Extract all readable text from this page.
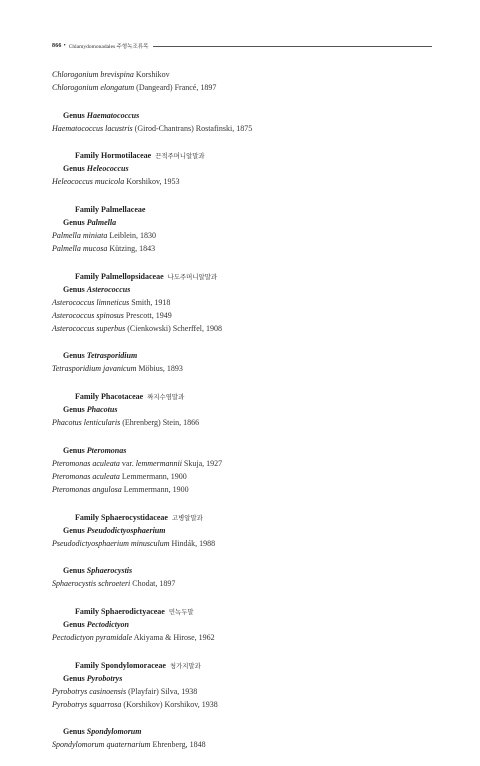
866 • Chlamydomonadales 주형녹조류목
Chlorogonium brevispina Korshikov
Chlorogonium elongatum (Dangeard) Francé, 1897
Genus Haematococcus
Haematococcus lacustris (Girod-Chantrans) Rostafinski, 1875
Family Hormotilaceae 끈적주머니알말과
Genus Heleococcus
Heleococcus mucicola Korshikov, 1953
Family Palmellaceae
Genus Palmella
Palmella miniata Leiblein, 1830
Palmella mucosa Kützing, 1843
Family Palmellopsidaceae 나도주머니알말과
Genus Asterococcus
Asterococcus limneticus Smith, 1918
Asterococcus spinosus Prescott, 1949
Asterococcus superbus (Cienkowski) Scherffel, 1908
Genus Tetrasporidium
Tetrasporidium javanicum Möbius, 1893
Family Phacotaceae 짜지수염말과
Genus Phacotus
Phacotus lenticularis (Ehrenberg) Stein, 1866
Genus Pteromonas
Pteromonas aculeata var. lemmermannii Skuja, 1927
Pteromonas aculeata Lemmermann, 1900
Pteromonas angulosa Lemmermann, 1900
Family Sphaerocystidaceae 고병알말과
Genus Pseudodictyosphaerium
Pseudodictyosphaerium minusculum Hindák, 1988
Genus Sphaerocystis
Sphaerocystis schroeteri Chodat, 1897
Family Sphaerodictyaceae 민녹두말
Genus Pectodictyon
Pectodictyon pyramidale Akiyama & Hirose, 1962
Family Spondylomoraceae 청가지말과
Genus Pyrobotrys
Pyrobotrys casinoensis (Playfair) Silva, 1938
Pyrobotrys squarrosa (Korshikov) Korshikov, 1938
Genus Spondylomorum
Spondylomorum quaternarium Ehrenberg, 1848
